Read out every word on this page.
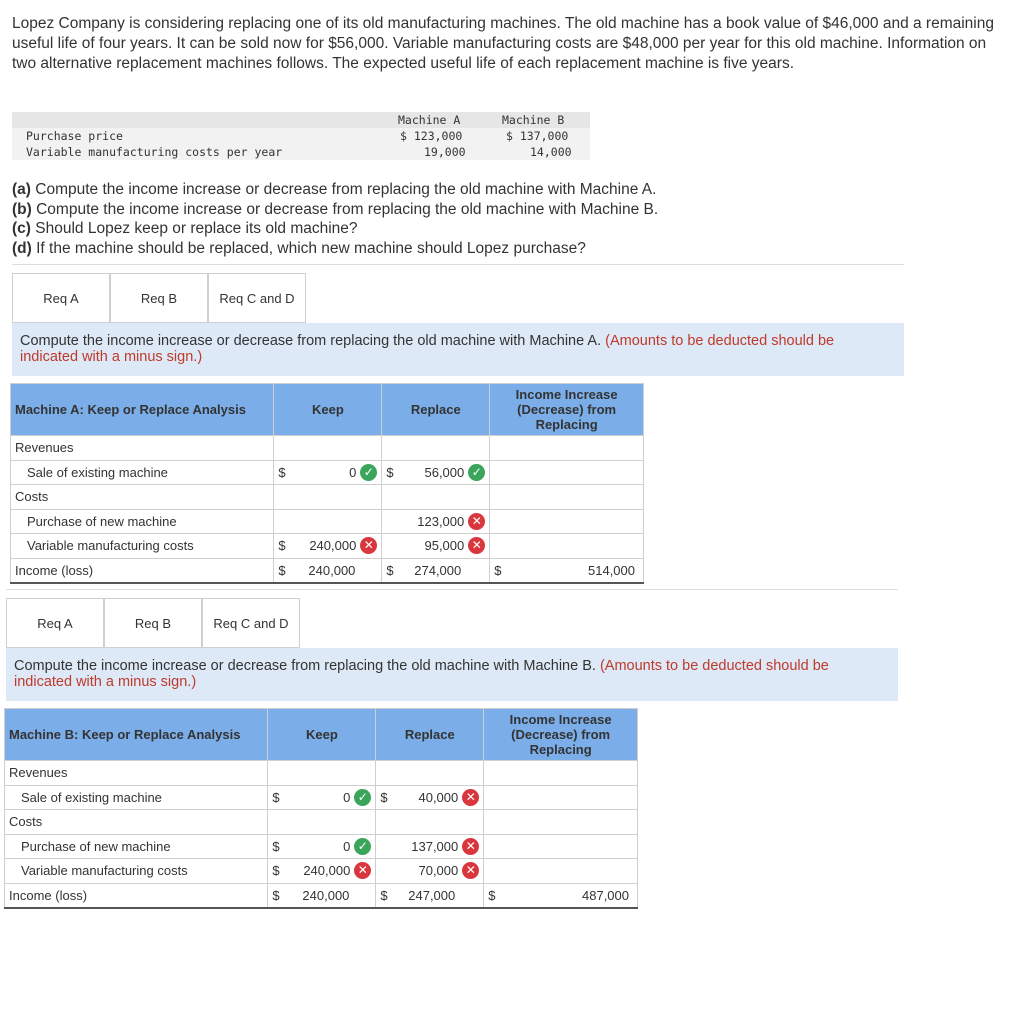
Lopez Company is considering replacing one of its old manufacturing machines. The old machine has a book value of $46,000 and a remaining useful life of four years. It can be sold now for $56,000. Variable manufacturing costs are $48,000 per year for this old machine. Information on two alternative replacement machines follows. The expected useful life of each replacement machine is five years.
Machine A	Machine B
Purchase price	$ 123,000	$ 137,000
Variable manufacturing costs per year	19,000	14,000
(a) Compute the income increase or decrease from replacing the old machine with Machine A.
(b) Compute the income increase or decrease from replacing the old machine with Machine B.
(c) Should Lopez keep or replace its old machine?
(d) If the machine should be replaced, which new machine should Lopez purchase?
Req A	Req B	Req C and D
Compute the income increase or decrease from replacing the old machine with Machine A. (Amounts to be deducted should be indicated with a minus sign.)
Machine A: Keep or Replace Analysis	Keep	Replace	Income Increase (Decrease) from Replacing
Revenues			
Sale of existing machine	$ 0 ✓	$ 56,000 ✓	

Costs			
Purchase of new machine		123,000 ✕	

Variable manufacturing costs	$ 240,000 ✕	95,000 ✕	

Income (loss)	$ 240,000	$ 274,000	$ 514,000
Req A	Req B	Req C and D
Compute the income increase or decrease from replacing the old machine with Machine B. (Amounts to be deducted should be indicated with a minus sign.)
Machine B: Keep or Replace Analysis	Keep	Replace	Income Increase (Decrease) from Replacing
Revenues			
Sale of existing machine	$ 0 ✓	$ 40,000 ✕	

Costs			
Purchase of new machine	$ 0 ✓	137,000 ✕	

Variable manufacturing costs	$ 240,000 ✕	70,000 ✕	

Income (loss)	$ 240,000	$ 247,000	$ 487,000
